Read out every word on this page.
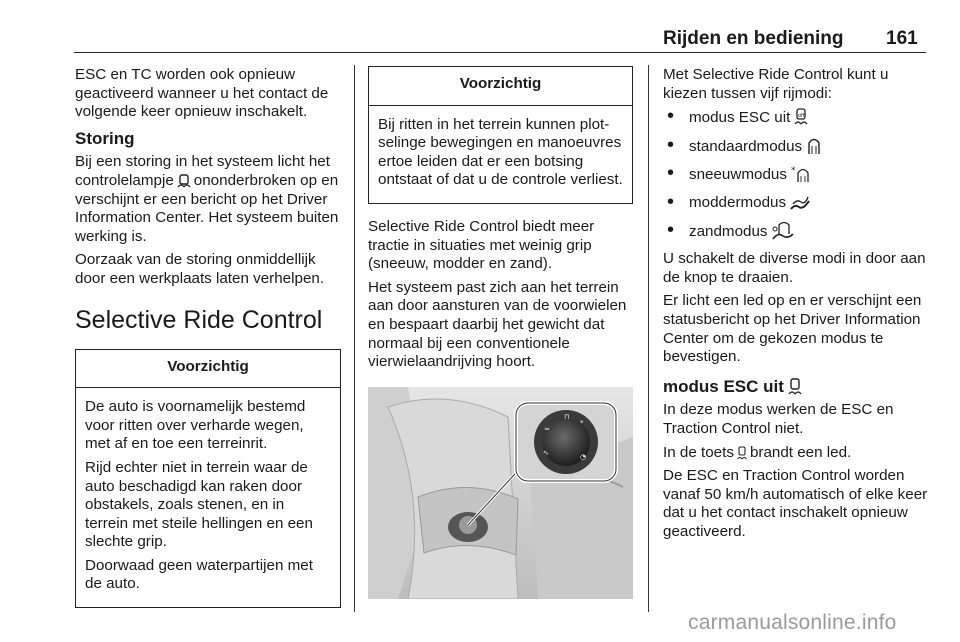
Rijden en bediening 161

ESC en TC worden ook opnieuw geactiveerd wanneer u het contact de volgende keer opnieuw inschakelt.

Storing

Bij een storing in het systeem licht het controlelampje ononderbroken op en verschijnt er een bericht op het Driver Information Center. Het systeem buiten werking is.

Oorzaak van de storing onmiddellijk door een werkplaats laten verhelpen.

Selective Ride Control
Voorzichtig

De auto is voornamelijk bestemd voor ritten over verharde wegen, met af en toe een terreinrit.

Rijd echter niet in terrein waar de auto beschadigd kan raken door obstakels, zoals stenen, en in terrein met steile hellingen en een slechte grip.

Doorwaad geen waterpartijen met de auto.

Voorzichtig

Bij ritten in het terrein kunnen plotselinge bewegingen en manoeuvres ertoe leiden dat er een botsing ontstaat of dat u de controle verliest.

Selective Ride Control biedt meer tractie in situaties met weinig grip (sneeuw, modder en zand).

Het systeem past zich aan het terrein aan door aansturen van de voorwielen en bespaart daarbij het gewicht dat normaal bij een conventionele vierwielaandrijving hoort.

⊓
*
≈
∿	◔

Met Selective Ride Control kunt u kiezen tussen vijf rijmodi:

• modus ESC uit off
• standaardmodus
• sneeuwmodus *
• moddermodus
• zandmodus

U schakelt de diverse modi in door aan de knop te draaien.

Er licht een led op en er verschijnt een statusbericht op het Driver Information Center om de gekozen modus te bevestigen.

modus ESC uit

In deze modus werken de ESC en Traction Control niet.

In de toets brandt een led.

De ESC en Traction Control worden vanaf 50 km/h automatisch of elke keer dat u het contact inschakelt opnieuw geactiveerd.

carmanualsonline.info
